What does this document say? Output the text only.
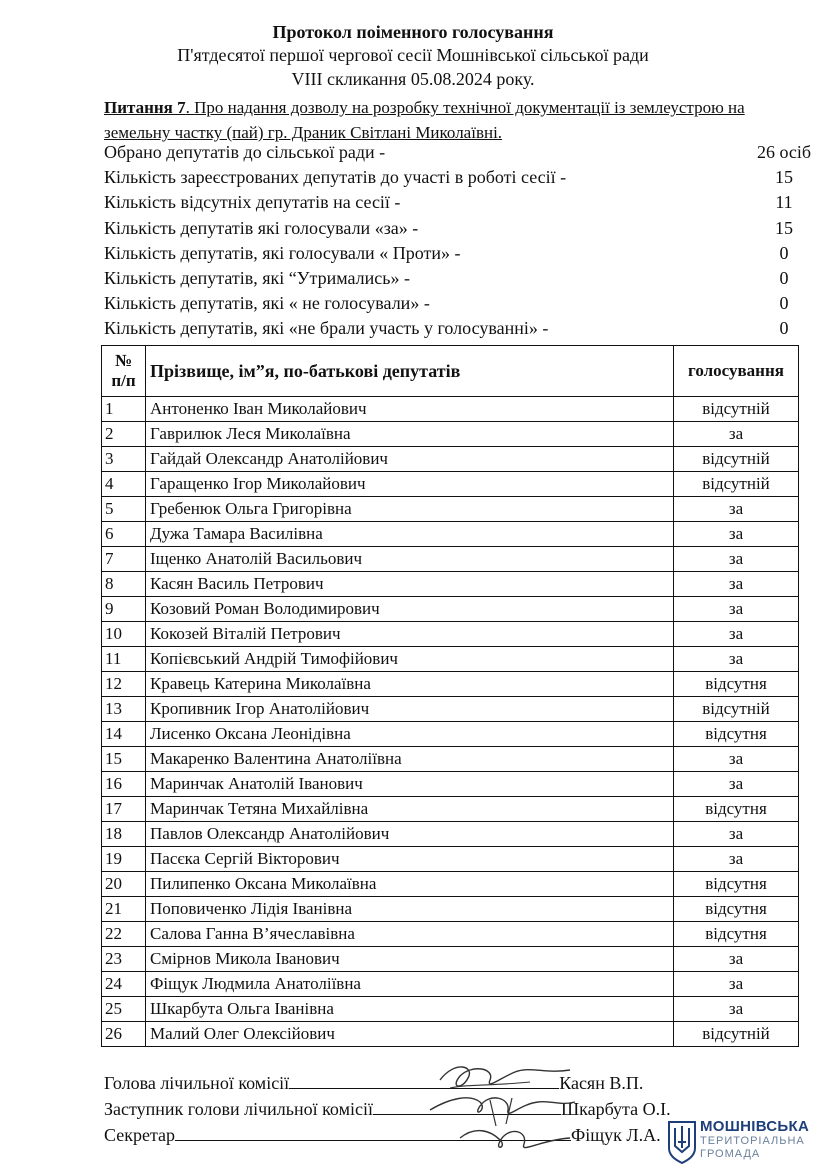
Протокол поіменного голосування
П'ятдесятої першої чергової сесії Мошнівської сільської ради
VIII скликання 05.08.2024 року.
Питання 7. Про надання дозволу на розробку технічної документації із землеустрою на земельну частку (пай) гр. Драник Світлані Миколаївні.
Обрано депутатів до сільської ради -	26 осіб
Кількість зареєстрованих депутатів до участі в роботі сесії -	15
Кількість відсутніх депутатів на сесії -	11
Кількість депутатів які голосували «за» -	15
Кількість депутатів, які голосували « Проти» -	0
Кількість депутатів, які “Утримались» -	0
Кількість депутатів, які « не голосували» -	0
Кількість депутатів, які «не брали участь у голосуванні» -	0
№
п/п	Прізвище, ім”я, по-батькові депутатів	голосування
1	Антоненко Іван Миколайович	відсутній
2	Гаврилюк Леся Миколаївна	за
3	Гайдай Олександр Анатолійович	відсутній
4	Гаращенко Ігор Миколайович	відсутній
5	Гребенюк Ольга Григорівна	за
6	Дужа Тамара Василівна	за
7	Іщенко Анатолій Васильович	за
8	Касян Василь Петрович	за
9	Козовий Роман Володимирович	за
10	Кокозей Віталій Петрович	за
11	Копієвський Андрій Тимофійович	за
12	Кравець Катерина Миколаївна	відсутня
13	Кропивник Ігор Анатолійович	відсутній
14	Лисенко Оксана Леонідівна	відсутня
15	Макаренко Валентина Анатоліївна	за
16	Маринчак Анатолій Іванович	за
17	Маринчак Тетяна Михайлівна	відсутня
18	Павлов Олександр Анатолійович	за
19	Пасєка Сергій Вікторович	за
20	Пилипенко Оксана Миколаївна	відсутня
21	Поповиченко Лідія Іванівна	відсутня
22	Салова Ганна В’ячеславівна	відсутня
23	Смірнов Микола Іванович	за
24	Фіщук Людмила Анатоліївна	за
25	Шкарбута Ольга Іванівна	за
26	Малий Олег Олексійович	відсутній
Голова лічильної комісії	Касян В.П.
Заступник голови лічильної комісії	Шкарбута О.І.
Секретар	Фіщук Л.А.	МОШНІВСЬКА
ТЕРИТОРІАЛЬНА
ГРОМАДА
